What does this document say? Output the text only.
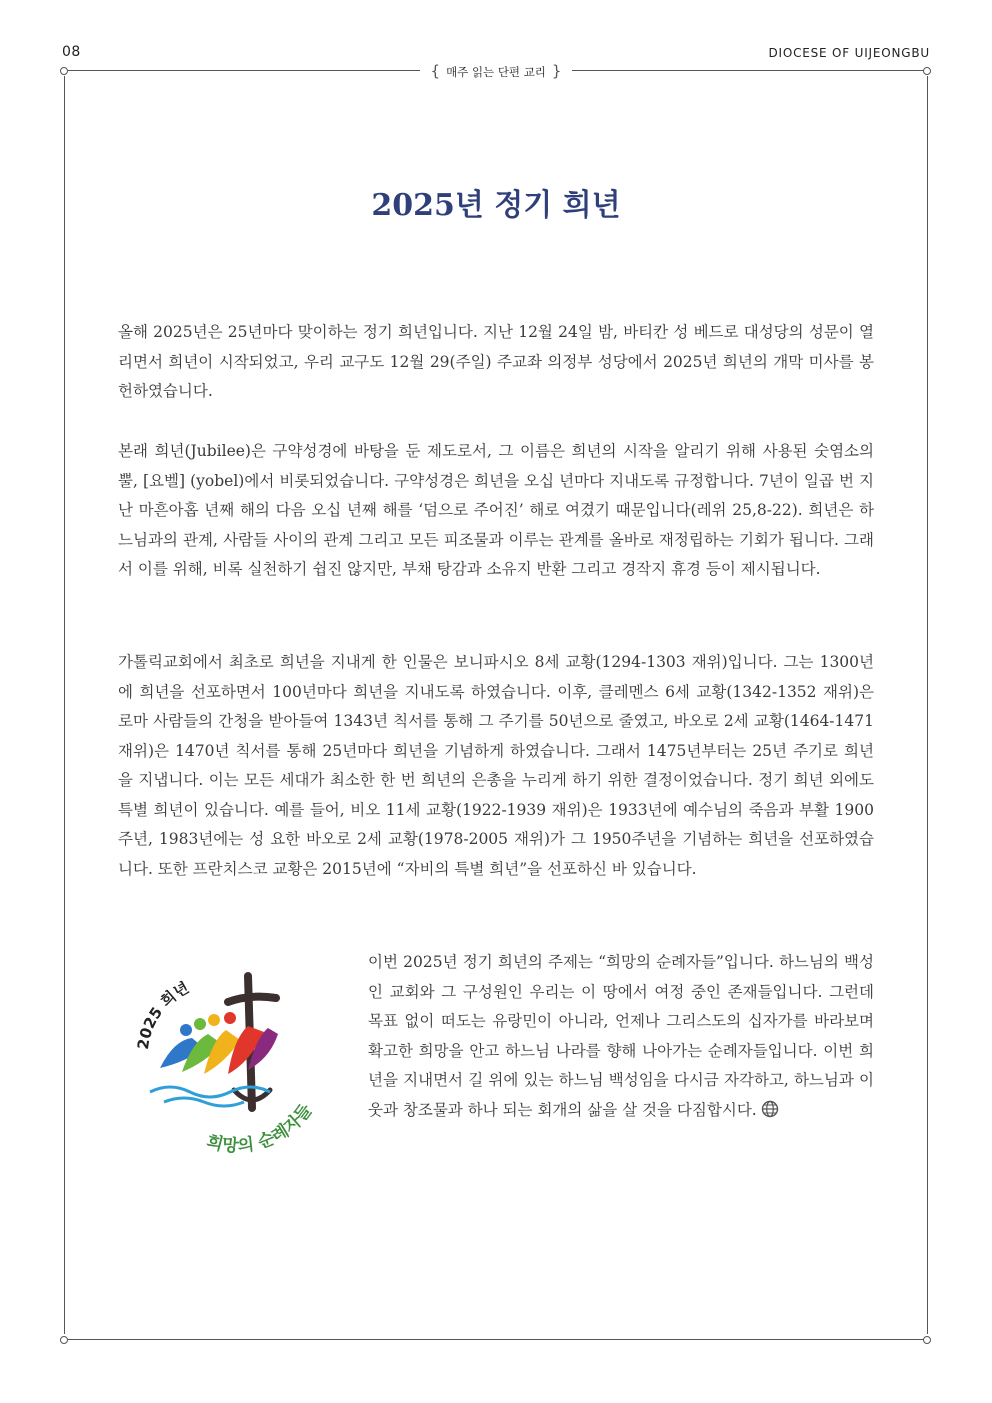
08	DIOCESE OF UIJEONGBU
{ 매주 읽는 단편 교리 }
2025년 정기 희년

올해 2025년은 25년마다 맞이하는 정기 희년입니다. 지난 12월 24일 밤, 바티칸 성 베드로 대성당의 성문이 열리면서 희년이 시작되었고, 우리 교구도 12월 29(주일) 주교좌 의정부 성당에서 2025년 희년의 개막 미사를 봉헌하였습니다.

본래 희년(Jubilee)은 구약성경에 바탕을 둔 제도로서, 그 이름은 희년의 시작을 알리기 위해 사용된 숫염소의 뿔, [요벨] (yobel)에서 비롯되었습니다. 구약성경은 희년을 오십 년마다 지내도록 규정합니다. 7년이 일곱 번 지난 마흔아홉 년째 해의 다음 오십 년째 해를 ‘덤으로 주어진’ 해로 여겼기 때문입니다(레위 25,8-22). 희년은 하느님과의 관계, 사람들 사이의 관계 그리고 모든 피조물과 이루는 관계를 올바로 재정립하는 기회가 됩니다. 그래서 이를 위해, 비록 실천하기 쉽진 않지만, 부채 탕감과 소유지 반환 그리고 경작지 휴경 등이 제시됩니다.

가톨릭교회에서 최초로 희년을 지내게 한 인물은 보니파시오 8세 교황(1294-1303 재위)입니다. 그는 1300년에 희년을 선포하면서 100년마다 희년을 지내도록 하였습니다. 이후, 클레멘스 6세 교황(1342-1352 재위)은 로마 사람들의 간청을 받아들여 1343년 칙서를 통해 그 주기를 50년으로 줄였고, 바오로 2세 교황(1464-1471 재위)은 1470년 칙서를 통해 25년마다 희년을 기념하게 하였습니다. 그래서 1475년부터는 25년 주기로 희년을 지냅니다. 이는 모든 세대가 최소한 한 번 희년의 은총을 누리게 하기 위한 결정이었습니다. 정기 희년 외에도 특별 희년이 있습니다. 예를 들어, 비오 11세 교황(1922-1939 재위)은 1933년에 예수님의 죽음과 부활 1900주년, 1983년에는 성 요한 바오로 2세 교황(1978-2005 재위)가 그 1950주년을 기념하는 희년을 선포하였습니다. 또한 프란치스코 교황은 2015년에 “자비의 특별 희년”을 선포하신 바 있습니다.

2025 희년
희망의 순례자들

이번 2025년 정기 희년의 주제는 “희망의 순례자들”입니다. 하느님의 백성인 교회와 그 구성원인 우리는 이 땅에서 여정 중인 존재들입니다. 그런데 목표 없이 떠도는 유랑민이 아니라, 언제나 그리스도의 십자가를 바라보며 확고한 희망을 안고 하느님 나라를 향해 나아가는 순례자들입니다. 이번 희년을 지내면서 길 위에 있는 하느님 백성임을 다시금 자각하고, 하느님과 이웃과 창조물과 하나 되는 회개의 삶을 살 것을 다짐합시다.
